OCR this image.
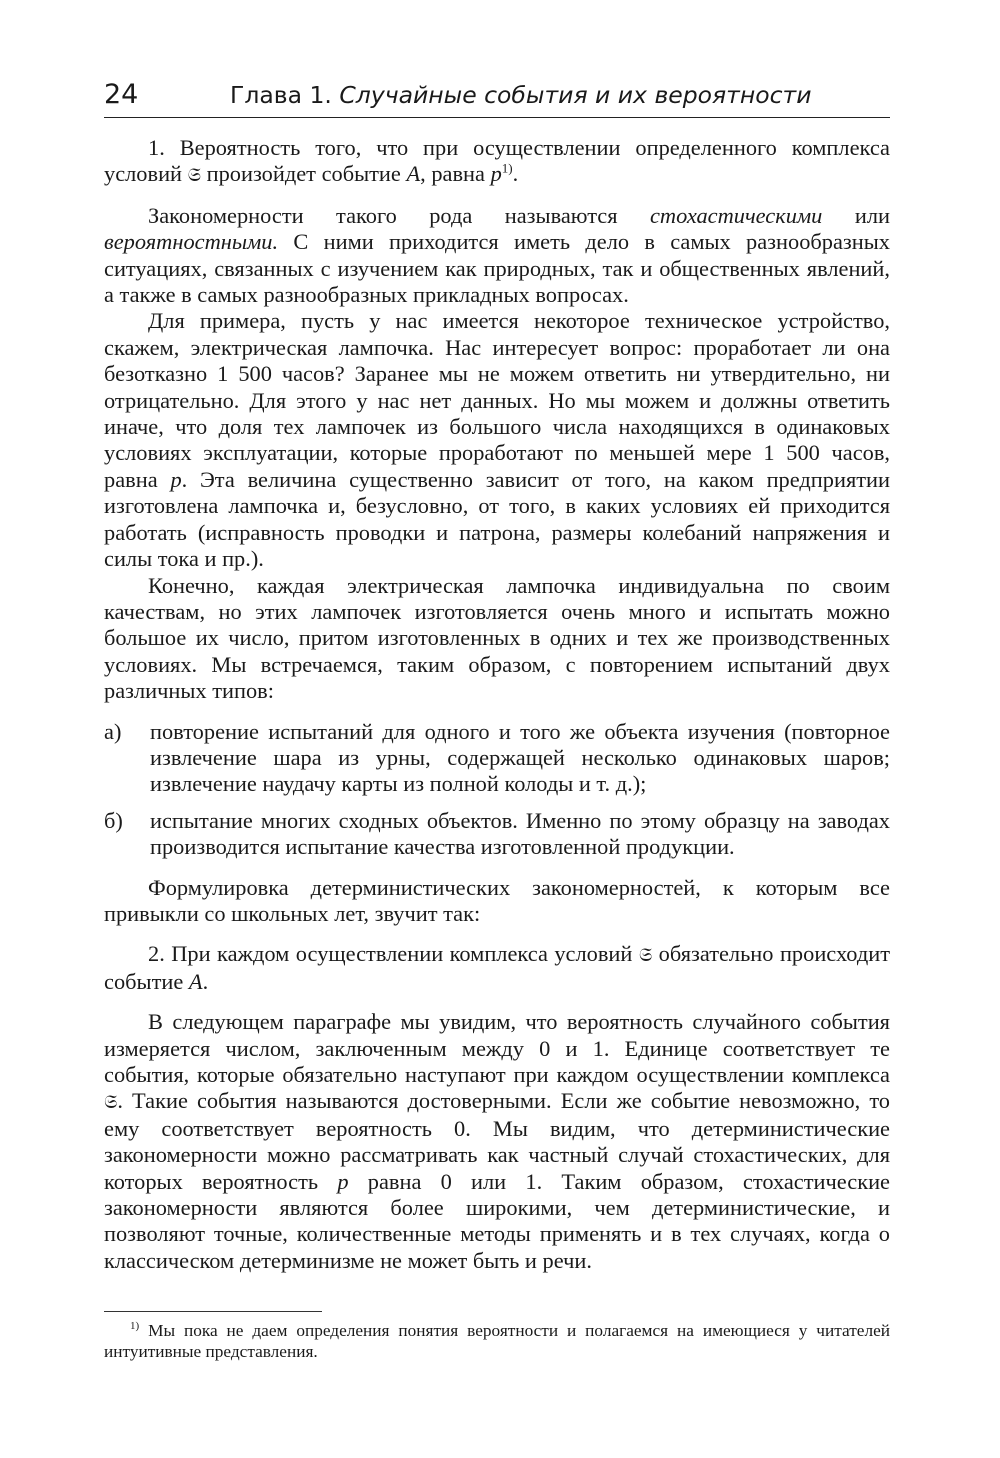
24	Глава 1. Случайные события и их вероятности

1. Вероятность того, что при осуществлении определенного комплекса условий 𝔖 произойдет событие A, равна $p^{1)}$.

Закономерности такого рода называются стохастическими или вероятностными. С ними приходится иметь дело в самых разнообразных ситуациях, связанных с изучением как природных, так и общественных явлений, а также в самых разнообразных прикладных вопросах.

Для примера, пусть у нас имеется некоторое техническое устройство, скажем, электрическая лампочка. Нас интересует вопрос: проработает ли она безотказно 1 500 часов? Заранее мы не можем ответить ни утвердительно, ни отрицательно. Для этого у нас нет данных. Но мы можем и должны ответить иначе, что доля тех лампочек из большого числа находящихся в одинаковых условиях эксплуатации, которые проработают по меньшей мере 1 500 часов, равна p. Эта величина существенно зависит от того, на каком предприятии изготовлена лампочка и, безусловно, от того, в каких условиях ей приходится работать (исправность проводки и патрона, размеры колебаний напряжения и силы тока и пр.).

Конечно, каждая электрическая лампочка индивидуальна по своим качествам, но этих лампочек изготовляется очень много и испытать можно большое их число, притом изготовленных в одних и тех же производственных условиях. Мы встречаемся, таким образом, с повторением испытаний двух различных типов:

а) повторение испытаний для одного и того же объекта изучения (повторное извлечение шара из урны, содержащей несколько одинаковых шаров; извлечение наудачу карты из полной колоды и т. д.);
б) испытание многих сходных объектов. Именно по этому образцу на заводах производится испытание качества изготовленной продукции.

Формулировка детерминистических закономерностей, к которым все привыкли со школьных лет, звучит так:

2. При каждом осуществлении комплекса условий 𝔖 обязательно происходит событие A.

В следующем параграфе мы увидим, что вероятность случайного события измеряется числом, заключенным между 0 и 1. Единице соответствует те события, которые обязательно наступают при каждом осуществлении комплекса 𝔖. Такие события называются достоверными. Если же событие невозможно, то ему соответствует вероятность 0. Мы видим, что детерминистические закономерности можно рассматривать как частный случай стохастических, для которых вероятность p равна 0 или 1. Таким образом, стохастические закономерности являются более широкими, чем детерминистические, и позволяют точные, количественные методы применять и в тех случаях, когда о классическом детерминизме не может быть и речи.

$^{1)}$ Мы пока не даем определения понятия вероятности и полагаемся на имеющиеся у читателей интуитивные представления.
